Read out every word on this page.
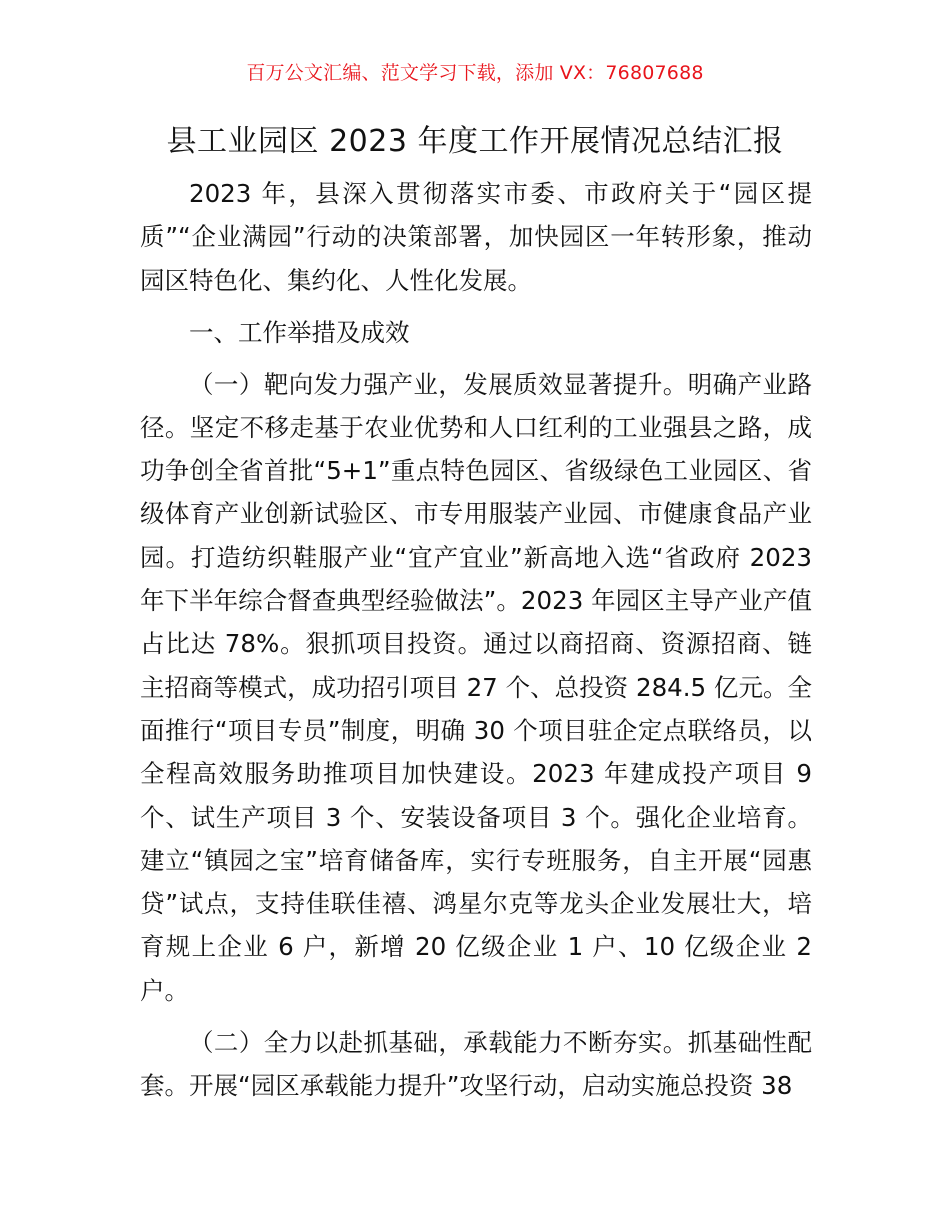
百万公文汇编、范文学习下载，添加 VX：76807688
县工业园区 2023 年度工作开展情况总结汇报

2023 年，县深入贯彻落实市委、市政府关于“园区提质”“企业满园”行动的决策部署，加快园区一年转形象，推动园区特色化、集约化、人性化发展。

一、工作举措及成效

（一）靶向发力强产业，发展质效显著提升。明确产业路径。坚定不移走基于农业优势和人口红利的工业强县之路，成功争创全省首批“5+1”重点特色园区、省级绿色工业园区、省级体育产业创新试验区、市专用服装产业园、市健康食品产业园。打造纺织鞋服产业“宜产宜业”新高地入选“省政府 2023 年下半年综合督查典型经验做法”。2023 年园区主导产业产值占比达 78%。狠抓项目投资。通过以商招商、资源招商、链主招商等模式，成功招引项目 27 个、总投资 284.5 亿元。全面推行“项目专员”制度，明确 30 个项目驻企定点联络员，以全程高效服务助推项目加快建设。2023 年建成投产项目 9 个、试生产项目 3 个、安装设备项目 3 个。强化企业培育。建立“镇园之宝”培育储备库，实行专班服务，自主开展“园惠贷”试点，支持佳联佳禧、鸿星尔克等龙头企业发展壮大，培育规上企业 6 户，新增 20 亿级企业 1 户、10 亿级企业 2 户。

（二）全力以赴抓基础，承载能力不断夯实。抓基础性配套。开展“园区承载能力提升”攻坚行动，启动实施总投资 38
